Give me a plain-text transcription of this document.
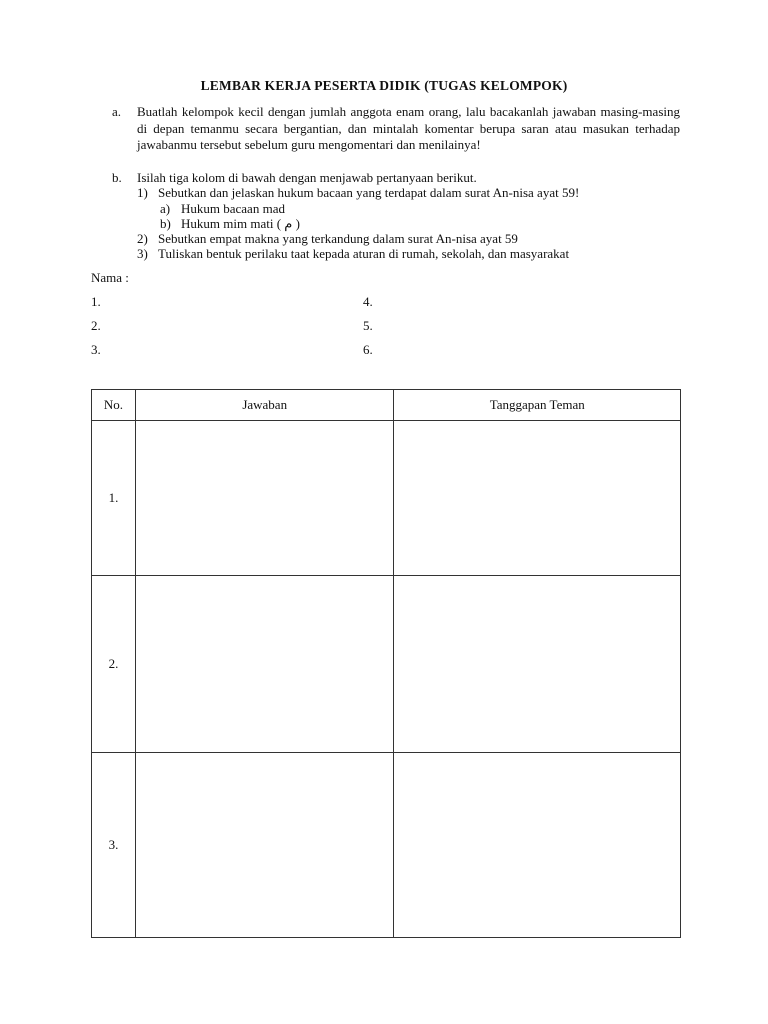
LEMBAR KERJA PESERTA DIDIK (TUGAS KELOMPOK)
a. Buatlah kelompok kecil dengan jumlah anggota enam orang, lalu bacakanlah jawaban masing-masing di depan temanmu secara bergantian, dan mintalah komentar berupa saran atau masukan terhadap jawabanmu tersebut sebelum guru mengomentari dan menilainya!
b. Isilah tiga kolom di bawah dengan menjawab pertanyaan berikut.
1) Sebutkan dan jelaskan hukum bacaan yang terdapat dalam surat An-nisa ayat 59!
a) Hukum bacaan mad
b) Hukum mim mati ( م )
2) Sebutkan empat makna yang terkandung dalam surat An-nisa ayat 59
3) Tuliskan bentuk perilaku taat kepada aturan di rumah, sekolah, dan masyarakat
Nama :
1.
2.
3.
4.
5.
6.
No.	Jawaban	Tanggapan Teman
1.		
2.		
3.		
